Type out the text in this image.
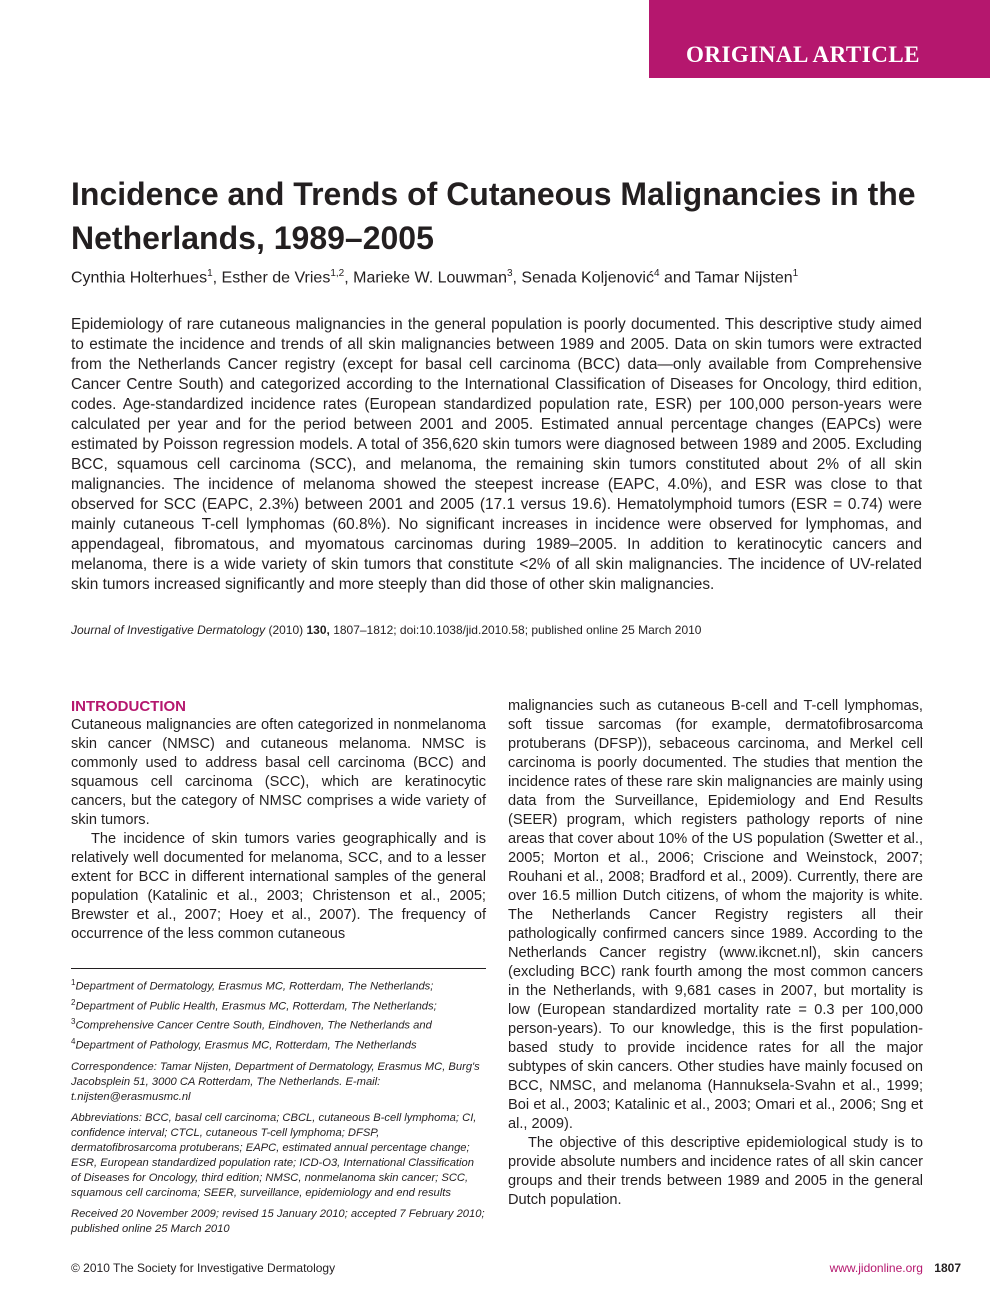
ORIGINAL ARTICLE
Incidence and Trends of Cutaneous Malignancies in the Netherlands, 1989–2005
Cynthia Holterhues$^1$, Esther de Vries$^{1,2}$, Marieke W. Louwman$^3$, Senada Koljenović$^4$ and Tamar Nijsten$^1$

Epidemiology of rare cutaneous malignancies in the general population is poorly documented. This descriptive study aimed to estimate the incidence and trends of all skin malignancies between 1989 and 2005. Data on skin tumors were extracted from the Netherlands Cancer registry (except for basal cell carcinoma (BCC) data—only available from Comprehensive Cancer Centre South) and categorized according to the International Classification of Diseases for Oncology, third edition, codes. Age-standardized incidence rates (European standardized population rate, ESR) per 100,000 person-years were calculated per year and for the period between 2001 and 2005. Estimated annual percentage changes (EAPCs) were estimated by Poisson regression models. A total of 356,620 skin tumors were diagnosed between 1989 and 2005. Excluding BCC, squamous cell carcinoma (SCC), and melanoma, the remaining skin tumors constituted about 2% of all skin malignancies. The incidence of melanoma showed the steepest increase (EAPC, 4.0%), and ESR was close to that observed for SCC (EAPC, 2.3%) between 2001 and 2005 (17.1 versus 19.6). Hematolymphoid tumors (ESR = 0.74) were mainly cutaneous T-cell lymphomas (60.8%). No significant increases in incidence were observed for lymphomas, and appendageal, fibromatous, and myomatous carcinomas during 1989–2005. In addition to keratinocytic cancers and melanoma, there is a wide variety of skin tumors that constitute <2% of all skin malignancies. The incidence of UV-related skin tumors increased significantly and more steeply than did those of other skin malignancies.

Journal of Investigative Dermatology (2010) 130, 1807–1812; doi:10.1038/jid.2010.58; published online 25 March 2010
INTRODUCTION

Cutaneous malignancies are often categorized in nonmelanoma skin cancer (NMSC) and cutaneous melanoma. NMSC is commonly used to address basal cell carcinoma (BCC) and squamous cell carcinoma (SCC), which are keratinocytic cancers, but the category of NMSC comprises a wide variety of skin tumors.

The incidence of skin tumors varies geographically and is relatively well documented for melanoma, SCC, and to a lesser extent for BCC in different international samples of the general population (Katalinic et al., 2003; Christenson et al., 2005; Brewster et al., 2007; Hoey et al., 2007). The frequency of occurrence of the less common cutaneous

$^1$Department of Dermatology, Erasmus MC, Rotterdam, The Netherlands;
$^2$Department of Public Health, Erasmus MC, Rotterdam, The Netherlands;
$^3$Comprehensive Cancer Centre South, Eindhoven, The Netherlands and
$^4$Department of Pathology, Erasmus MC, Rotterdam, The Netherlands

Correspondence: Tamar Nijsten, Department of Dermatology, Erasmus MC, Burg's Jacobsplein 51, 3000 CA Rotterdam, The Netherlands. E-mail: t.nijsten@erasmusmc.nl

Abbreviations: BCC, basal cell carcinoma; CBCL, cutaneous B-cell lymphoma; CI, confidence interval; CTCL, cutaneous T-cell lymphoma; DFSP, dermatofibrosarcoma protuberans; EAPC, estimated annual percentage change; ESR, European standardized population rate; ICD-O3, International Classification of Diseases for Oncology, third edition; NMSC, nonmelanoma skin cancer; SCC, squamous cell carcinoma; SEER, surveillance, epidemiology and end results

Received 20 November 2009; revised 15 January 2010; accepted 7 February 2010; published online 25 March 2010

malignancies such as cutaneous B-cell and T-cell lymphomas, soft tissue sarcomas (for example, dermatofibrosarcoma protuberans (DFSP)), sebaceous carcinoma, and Merkel cell carcinoma is poorly documented. The studies that mention the incidence rates of these rare skin malignancies are mainly using data from the Surveillance, Epidemiology and End Results (SEER) program, which registers pathology reports of nine areas that cover about 10% of the US population (Swetter et al., 2005; Morton et al., 2006; Criscione and Weinstock, 2007; Rouhani et al., 2008; Bradford et al., 2009). Currently, there are over 16.5 million Dutch citizens, of whom the majority is white. The Netherlands Cancer Registry registers all their pathologically confirmed cancers since 1989. According to the Netherlands Cancer registry (www.ikcnet.nl), skin cancers (excluding BCC) rank fourth among the most common cancers in the Netherlands, with 9,681 cases in 2007, but mortality is low (European standardized mortality rate = 0.3 per 100,000 person-years). To our knowledge, this is the first population-based study to provide incidence rates for all the major subtypes of skin cancers. Other studies have mainly focused on BCC, NMSC, and melanoma (Hannuksela-Svahn et al., 1999; Boi et al., 2003; Katalinic et al., 2003; Omari et al., 2006; Sng et al., 2009).

The objective of this descriptive epidemiological study is to provide absolute numbers and incidence rates of all skin cancer groups and their trends between 1989 and 2005 in the general Dutch population.

© 2010 The Society for Investigative Dermatology	www.jidonline.org 1807
